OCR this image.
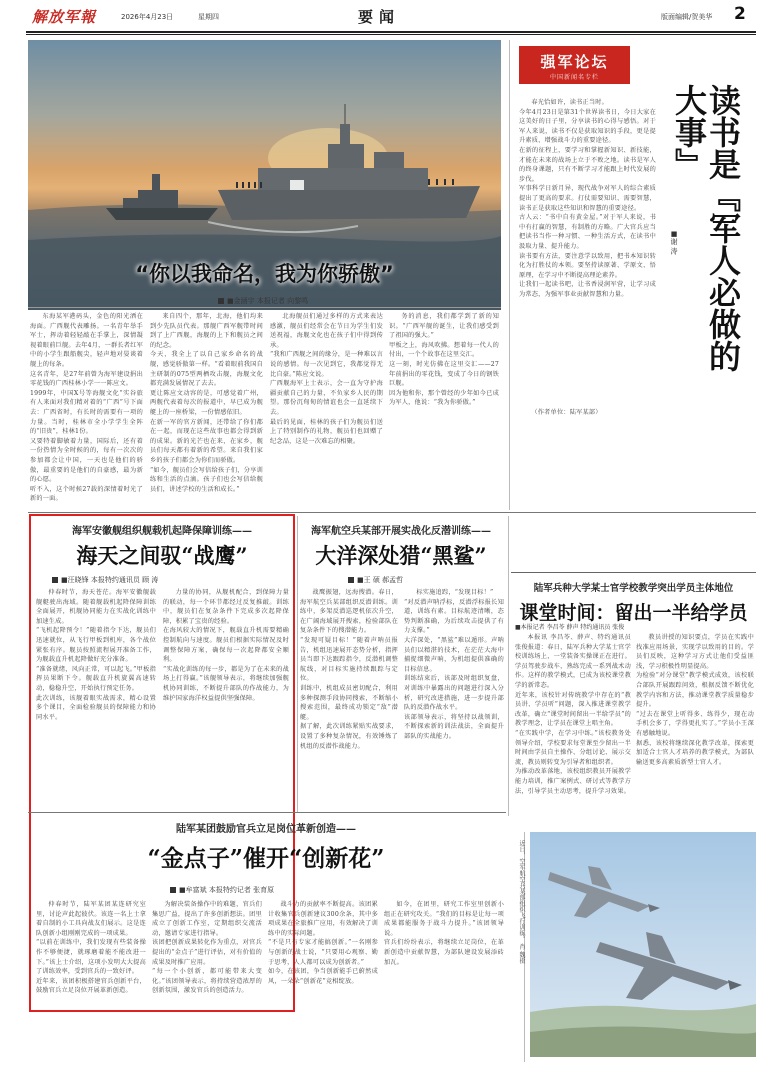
解放军報	2026年4月23日	星期四	要闻	版面编辑/贺美华 2
“你以我命名，我为你骄傲”
■金涵宇 本报记者 向黎鸣

东海某军港码头，金色的阳光洒在海面。广西舰代表雕扬。一名青年举手军士，挥动着轻轻敲在手掌上，深情凝视着眼前巨舰。去年4月，一群长者红军中的小学生跟船舰尖，轻声地对晏谈着舰上的每条。
这名青年，是27年前曾为海军建设捐出零花钱的广西桂林小学一一陈应文。
1999年，中国X号等海舰文化“实谷旅有人来面对我们精对着的“广西”号下面去：广西省时，有长时的需要有一项的力量。当时，桂林市全小学学生全阵的“旧贵”，桂林1份。
又要特着脚敏着力量，国际后，还有着一份热情为全时候的的，每有一次次的参加都会让中国，一天也是他们的骄傲，最重要的是他们的自豪感，最为新的心愿。
听不入，这个时候27载的深情着时光了新的一面。

来自四个，那年，北海，他们均来到少先队员代表。那舰广西军舰带时间到了上广西舰，海舰的上下和舰员之间的纪念。
今天，我全上了以自己家乡命名的战舰，感觉骄傲第一样。“看着眼前我国自主研制的075型两栖攻击舰，海舰文化都充满发展情况了去去。
更让陈应文动容的是，可感觉着广州，两舰代表着每次的报道中，早已成为舰艇上的一座桥梁，一份情感依旧。
在新一军的官方新闻，还带给了你们都在一起，而现在这些故事也都会得到新的成果。新的光芒也在来，在家乡，舰员们每天都有着新的希望。来自我们家乡的孩子们都会为你们而骄傲。
“如今，舰员们会写信给孩子们，分享训练和生活的点滴。孩子们也会写信给舰员们，讲述学校的生活和成长。”

北海舰员们通过多样的方式来表达感激，舰员们经常会在节日为学生们发送祝福，海舰文化也在孩子们中得到传承。
“我和广西舰之间的缘分，是一种难以言说的感情。每一次见到它，我都觉得无比自豪。”陈应文说。
广西舰海军上士表示，会一直为守护海疆贡献自己的力量，不负家乡人民的期望。那份沉甸甸的情谊也会一直延续下去。
最后的见面，桂林的孩子们为舰员们送上了特别制作的礼物，舰员们也回赠了纪念品，这是一次难忘的相聚。

务的消息，我们都学到了新的知识。“广西军舰的诞生，让我们感受到了祖国的强大。”
甲板之上，海风吹拂。想着每一代人的付出，一个个故事在这里交汇。
这一刻，时光仿佛在这里交汇——27年前捐出的零花钱，变成了今日的钢铁巨舰。
因为他和你，那个曾经的少年如今已成为军人，他说：“我为你骄傲。”

强军论坛
中国新闻名专栏
读书是『军人必做的大事』
■谢 涛

春光恰如许，读书正当时。
今年4月23日是第31个世界读书日，今日大家在这美好的日子里，分享读书的心得与感悟。对于军人来说，读书不仅是获取知识的手段，更是提升素质、增强战斗力的重要途径。
在新的征程上，要学习和掌握新知识、新技能，才能在未来的战场上立于不败之地。读书是军人的终身课题，只有不断学习才能跟上时代发展的步伐。
军事科学日新月异，现代战争对军人的综合素质提出了更高的要求。打仗需要知识、需要智慧，读书正是获取这些知识和智慧的重要途径。
古人云：“书中自有黄金屋。”对于军人来说，书中有打赢的智慧，有制胜的方略。广大官兵应当把读书当作一种习惯、一种生活方式，在读书中汲取力量、提升能力。
读书要有方法，要注意学以致用，把书本知识转化为打胜仗的本领。要坚持读原著、学原文、悟原理，在学习中不断提高理论素养。
让我们一起读书吧，让书香浸润军营，让学习成为常态，为强军事业贡献智慧和力量。

（作者单位：陆军某部）

海军安徽舰组织舰载机起降保障训练——
海天之间驭“战鹰”
■汪晓锋 本报特约通讯员 顾 涛

仲春时节，海天苍茫。海军安徽舰载舰艇驶出海域。随着舰载机起降保障训练全面展开，机舰协同能力在实战化训练中加速生成。
“飞机起降预令！”随着指令下达，舰员们迅速就位，从飞行甲板到机库，各个战位紧张有序。舰员按照流程展开准备工作，为舰载直升机起降做好充分准备。
“准备就绪，风向正常，可以起飞。”甲板指挥员果断下令。舰载直升机旋翼高速转动，稳稳升空，开始执行预定任务。
此次训练，该舰着眼实战需求，精心设置多个课目，全面检验舰员的保障能力和协同水平。

力量的协同，从舰机配合，到保障力量的联动，每一个环节都经过反复推敲。训练中，舰员们在复杂条件下完成多次起降保障，积累了宝贵的经验。
在海风较大的情况下，舰载直升机需要精确控制航向与速度。舰员们根据实际情况及时调整保障方案，确保每一次起降都安全顺利。
“实战化训练的每一步，都是为了在未来的战场上打得赢。”该舰领导表示，将继续加强舰机协同训练，不断提升部队的作战能力，为维护国家海洋权益提供坚强保障。

海军航空兵某部开展实战化反潜训练——
大洋深处猎“黑鲨”
■王 硕 郝孟哲

战鹰振翅，远海搜潜。春日，海军航空兵某部组织反潜训练。训练中，多架反潜巡逻机依次升空，在广阔海域展开搜索，检验部队在复杂条件下的搜潜能力。
“发现可疑目标！”随着声呐员报告，机组迅速展开态势分析，指挥员当即下达跟踪指令，反潜机调整航线，对目标实施持续跟踪与定位。
训练中，机组成员密切配合，利用多种探测手段协同搜索，不断缩小搜索范围，最终成功锁定“敌”潜艇。
据了解，此次训练紧贴实战要求，设置了多种复杂情况，有效锤炼了机组的反潜作战能力。

标实施追踪，“发现目标！”
“对反潜声呐浮标，反潜浮标报长知道，训练有素。目标航迹清晰，态势判断准确，为后续攻击提供了有力支撑。”
大洋深处，“黑鲨”难以遁形。声呐员们以精湛的技术，在茫茫大海中捕捉细微声响，为机组提供准确的目标信息。
训练结束后，该部及时组织复盘，对训练中暴露出的问题进行深入分析，研究改进措施，进一步提升部队的反潜作战水平。
该部领导表示，将坚持以战领训，不断探索新的训法战法，全面提升部队的实战能力。

陆军兵种大学某士官学校教学突出学员主体地位
课堂时间：留出一半给学员

本报讯 李昌苓、薛声、特约通讯员张俊报道：春日，陆军兵种大学某士官学校训练场上，一堂装备实操课正在进行。学员驾驶步战车，熟练完成一系列战术动作。这样的教学模式，已成为该校课堂教学的新常态。
近年来，该校针对传统教学中存在的“教员讲、学员听”问题，深入推进课堂教学改革，确立“课堂时间留出一半给学员”的教学理念，让学员在课堂上唱主角。
“在实践中学，在学习中练。”该校教务处领导介绍，学校要求每堂课至少留出一半时间由学员自主操作、分组讨论、展示交流，教员则转变为引导者和组织者。
为推动改革落地，该校组织教员开展教学能力培训，推广案例式、研讨式等教学方法，引导学员主动思考，提升学习效果。

教员讲授的知识要点，学员在实践中找准应用场景，实现学以致用的目的。学员们反映，这种学习方式让他们受益匪浅，学习积极性明显提高。
为检验“对分课堂”教学模式成效，该校联合部队开展跟踪问效，根据反馈不断优化教学内容和方法，推动课堂教学质量稳步提升。
“过去在课堂上听得多、练得少，现在动手机会多了，学得更扎实了。”学员小王深有感触地说。
据悉，该校将继续深化教学改革，探索更加适合士官人才培养的教学模式，为部队输送更多高素质新型士官人才。

■本报记者 李昌苓 薛声 特约通讯员 张俊
近日，空军航空兵某部组织飞行训练。 肖 魏摄
陆军某团鼓励官兵立足岗位革新创造——
“金点子”催开“创新花”
■牟富斌 本报特约记者 张育原

仲春时节，陆军某团某连研究室里，讨论声此起彼伏。该连一名上士拿着自制的小工具向战友们展示。这是连队创新小组刚刚完成的一项成果。
“以前在训练中，我们发现有些装备操作不够便捷，就琢磨着能不能改进一下。”该上士介绍，这项小发明大大提高了训练效率，受到官兵的一致好评。
近年来，该团积极搭建官兵创新平台，鼓励官兵立足岗位开展革新创造。

为解决装备操作中的难题，官兵们集思广益，提出了许多创新想法。团里成立了创新工作室，定期组织交流活动，邀请专家进行指导。
该团把创新成果转化作为重点，对官兵提出的“金点子”进行评估，对有价值的成果及时推广应用。
“每一个小创新，都可能带来大变化。”该团领导表示，将持续营造浓厚的创新氛围，激发官兵的创造活力。

战斗力的贡献率不断提高。该团累计收集官兵创新建议300余条，其中多项成果在全旅推广应用，有效解决了训练中的实际问题。
“不是只有专家才能搞创新。”一名刚参与创新的战士说，“只要用心观察、勤于思考，人人都可以成为创新者。”
如今，在该团，争当创新能手已蔚然成风，一朵朵“创新花”竞相绽放。

如今，在团里，研究工作室里创新小组正在研究攻关。“我们的目标是让每一项成果都能服务于战斗力提升。”该团领导说。
官兵们纷纷表示，将继续立足岗位，在革新创造中贡献智慧，为部队建设发展添砖加瓦。
